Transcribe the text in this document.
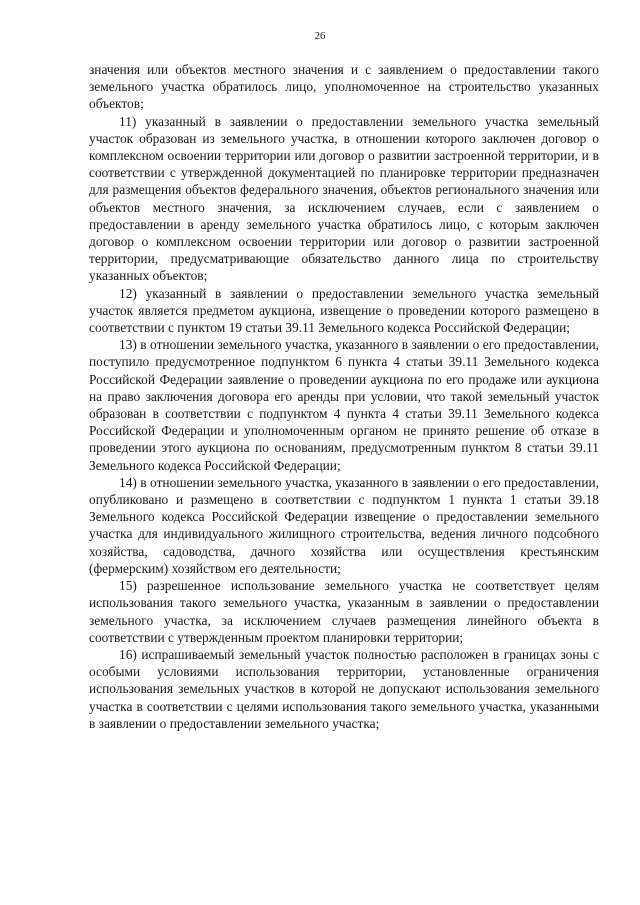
26

значения или объектов местного значения и с заявлением о предоставлении такого земельного участка обратилось лицо, уполномоченное на строительство указанных объектов;

11) указанный в заявлении о предоставлении земельного участка земельный участок образован из земельного участка, в отношении которого заключен договор о комплексном освоении территории или договор о развитии застроенной территории, и в соответствии с утвержденной документацией по планировке территории предназначен для размещения объектов федерального значения, объектов регионального значения или объектов местного значения, за исключением случаев, если с заявлением о предоставлении в аренду земельного участка обратилось лицо, с которым заключен договор о комплексном освоении территории или договор о развитии застроенной территории, предусматривающие обязательство данного лица по строительству указанных объектов;

12) указанный в заявлении о предоставлении земельного участка земельный участок является предметом аукциона, извещение о проведении которого размещено в соответствии с пунктом 19 статьи 39.11 Земельного кодекса Российской Федерации;

13) в отношении земельного участка, указанного в заявлении о его предоставлении, поступило предусмотренное подпунктом 6 пункта 4 статьи 39.11 Земельного кодекса Российской Федерации заявление о проведении аукциона по его продаже или аукциона на право заключения договора его аренды при условии, что такой земельный участок образован в соответствии с подпунктом 4 пункта 4 статьи 39.11 Земельного кодекса Российской Федерации и уполномоченным органом не принято решение об отказе в проведении этого аукциона по основаниям, предусмотренным пунктом 8 статьи 39.11 Земельного кодекса Российской Федерации;

14) в отношении земельного участка, указанного в заявлении о его предоставлении, опубликовано и размещено в соответствии с подпунктом 1 пункта 1 статьи 39.18 Земельного кодекса Российской Федерации извещение о предоставлении земельного участка для индивидуального жилищного строительства, ведения личного подсобного хозяйства, садоводства, дачного хозяйства или осуществления крестьянским (фермерским) хозяйством его деятельности;

15) разрешенное использование земельного участка не соответствует целям использования такого земельного участка, указанным в заявлении о предоставлении земельного участка, за исключением случаев размещения линейного объекта в соответствии с утвержденным проектом планировки территории;

16) испрашиваемый земельный участок полностью расположен в границах зоны с особыми условиями использования территории, установленные ограничения использования земельных участков в которой не допускают использования земельного участка в соответствии с целями использования такого земельного участка, указанными в заявлении о предоставлении земельного участка;
